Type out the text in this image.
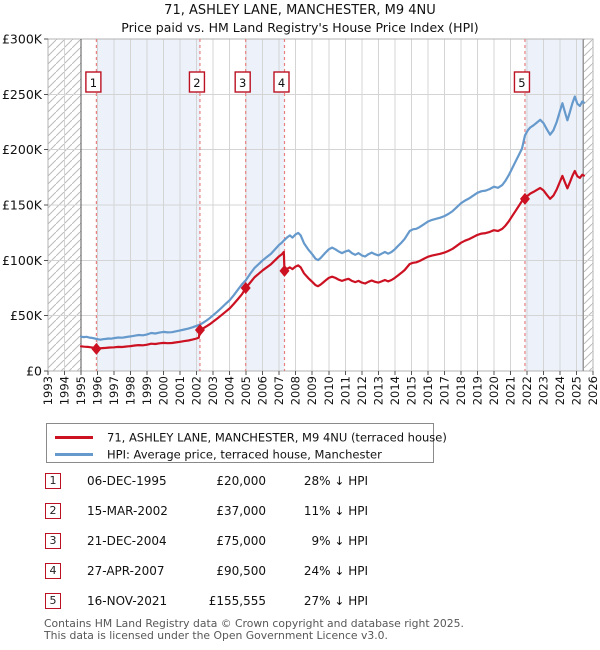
71, ASHLEY LANE, MANCHESTER, M9 4NU
Price paid vs. HM Land Registry's House Price Index (HPI)
£0
£50K
£100K
£150K
£200K
£250K
£300K
1993 1994 1995 1996 1997 1998 1999 2000 2001 2002 2003 2004 2005 2006 2007 2008 2009 2010 2011 2012 2013 2014 2015 2016 2017 2018 2019 2020 2021 2022 2023 2024 2025 2026
1	2	3	4	5
71, ASHLEY LANE, MANCHESTER, M9 4NU (terraced house)
HPI: Average price, terraced house, Manchester
1	06-DEC-1995	£20,000	28% ↓ HPI
2	15-MAR-2002	£37,000	11% ↓ HPI
3	21-DEC-2004	£75,000	9% ↓ HPI
4	27-APR-2007	£90,500	24% ↓ HPI
5	16-NOV-2021	£155,555	27% ↓ HPI
Contains HM Land Registry data © Crown copyright and database right 2025.
This data is licensed under the Open Government Licence v3.0.
